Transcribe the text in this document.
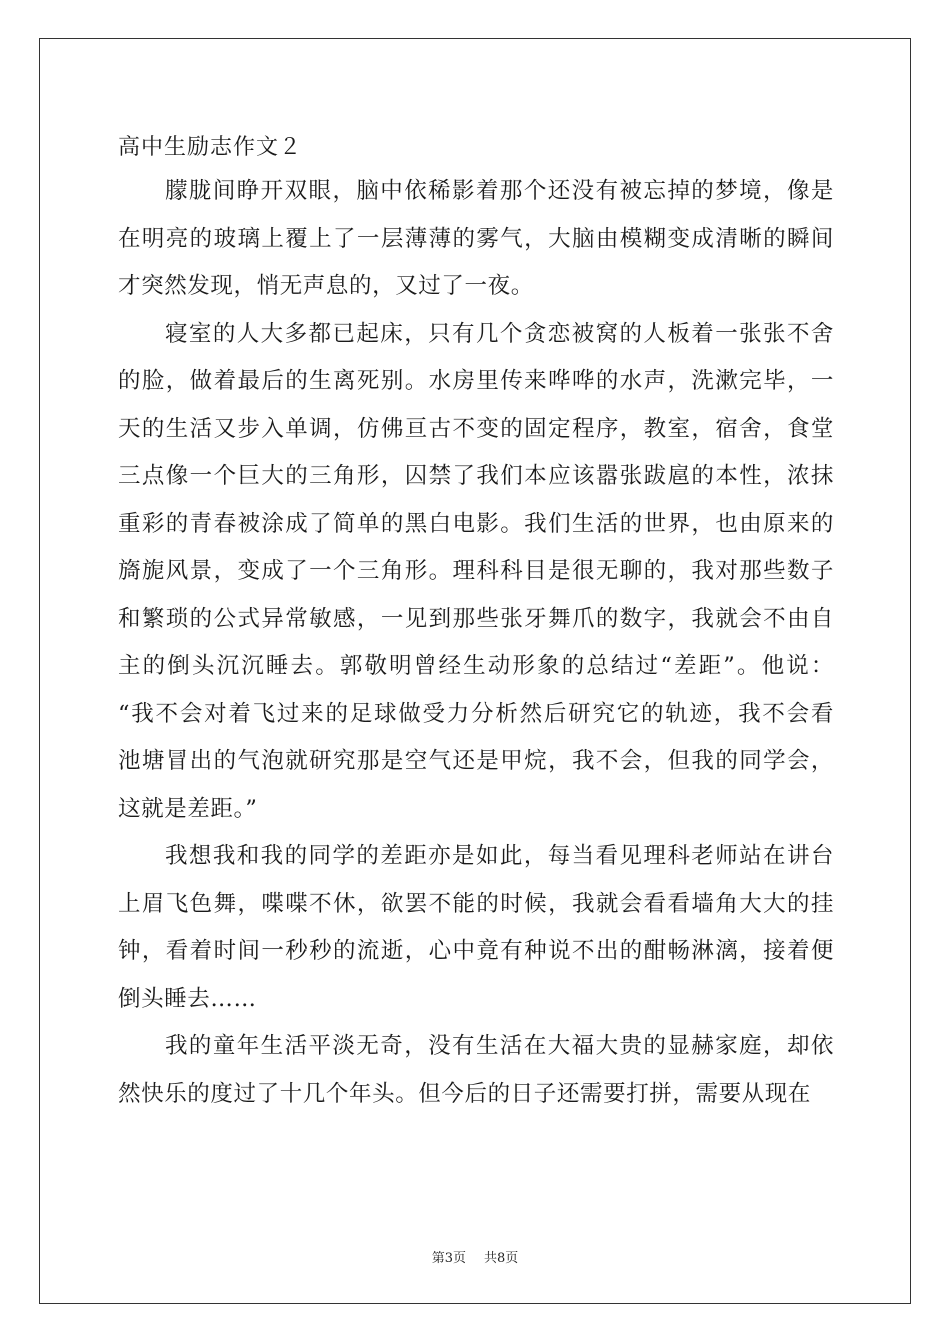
高中生励志作文２
朦胧间睁开双眼，脑中依稀影着那个还没有被忘掉的梦境，像是
在明亮的玻璃上覆上了一层薄薄的雾气，大脑由模糊变成清晰的瞬间
才突然发现，悄无声息的，又过了一夜。
寝室的人大多都已起床，只有几个贪恋被窝的人板着一张张不舍
的脸，做着最后的生离死别。水房里传来哗哗的水声，洗漱完毕，一
天的生活又步入单调，仿佛亘古不变的固定程序，教室，宿舍，食堂
三点像一个巨大的三角形，囚禁了我们本应该嚣张跋扈的本性，浓抹
重彩的青春被涂成了简单的黑白电影。我们生活的世界，也由原来的
旖旎风景，变成了一个三角形。理科科目是很无聊的，我对那些数子
和繁琐的公式异常敏感，一见到那些张牙舞爪的数字，我就会不由自
主的倒头沉沉睡去。郭敬明曾经生动形象的总结过“差距”。他说：
“我不会对着飞过来的足球做受力分析然后研究它的轨迹，我不会看
池塘冒出的气泡就研究那是空气还是甲烷，我不会，但我的同学会，
这就是差距。”
我想我和我的同学的差距亦是如此，每当看见理科老师站在讲台
上眉飞色舞，喋喋不休，欲罢不能的时候，我就会看看墙角大大的挂
钟，看着时间一秒秒的流逝，心中竟有种说不出的酣畅淋漓，接着便
倒头睡去……
我的童年生活平淡无奇，没有生活在大福大贵的显赫家庭，却依
然快乐的度过了十几个年头。但今后的日子还需要打拼，需要从现在
第3页 共8页
